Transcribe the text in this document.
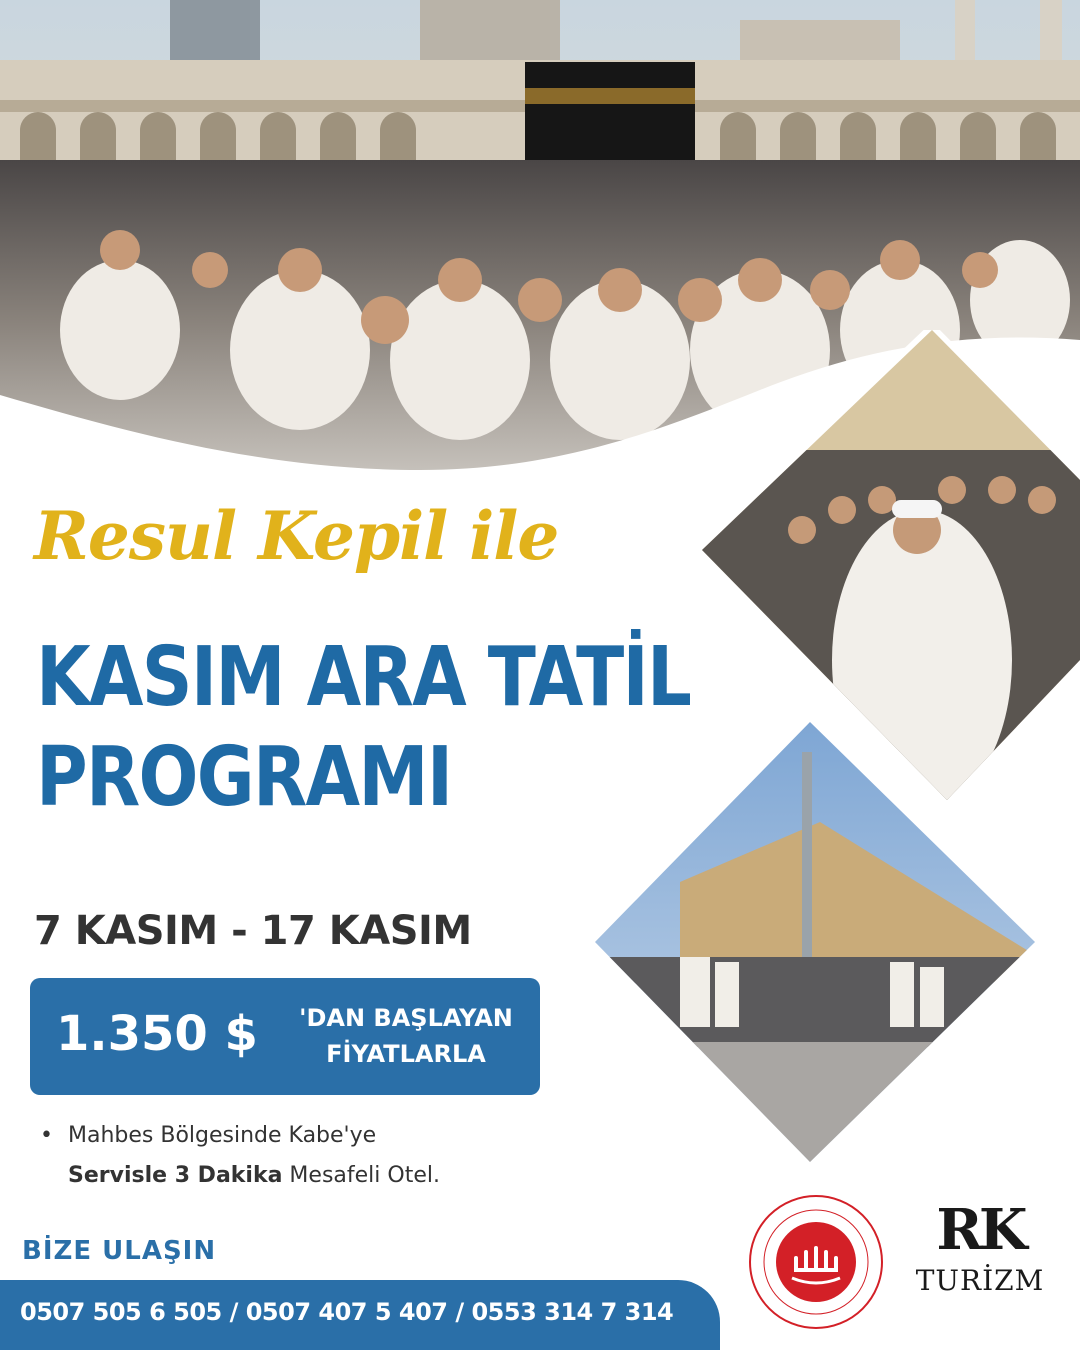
Resul Kepil ile
KASIM ARA TATİL
PROGRAMI
7 KASIM - 17 KASIM
1.350 $	'DAN BAŞLAYAN
FİYATLARLA
• Mahbes Bölgesinde Kabe'ye
Servisle 3 Dakika Mesafeli Otel.
BİZE ULAŞIN
0507 505 6 505 / 0507 407 5 407 / 0553 314 7 314
RK
TURİZM
